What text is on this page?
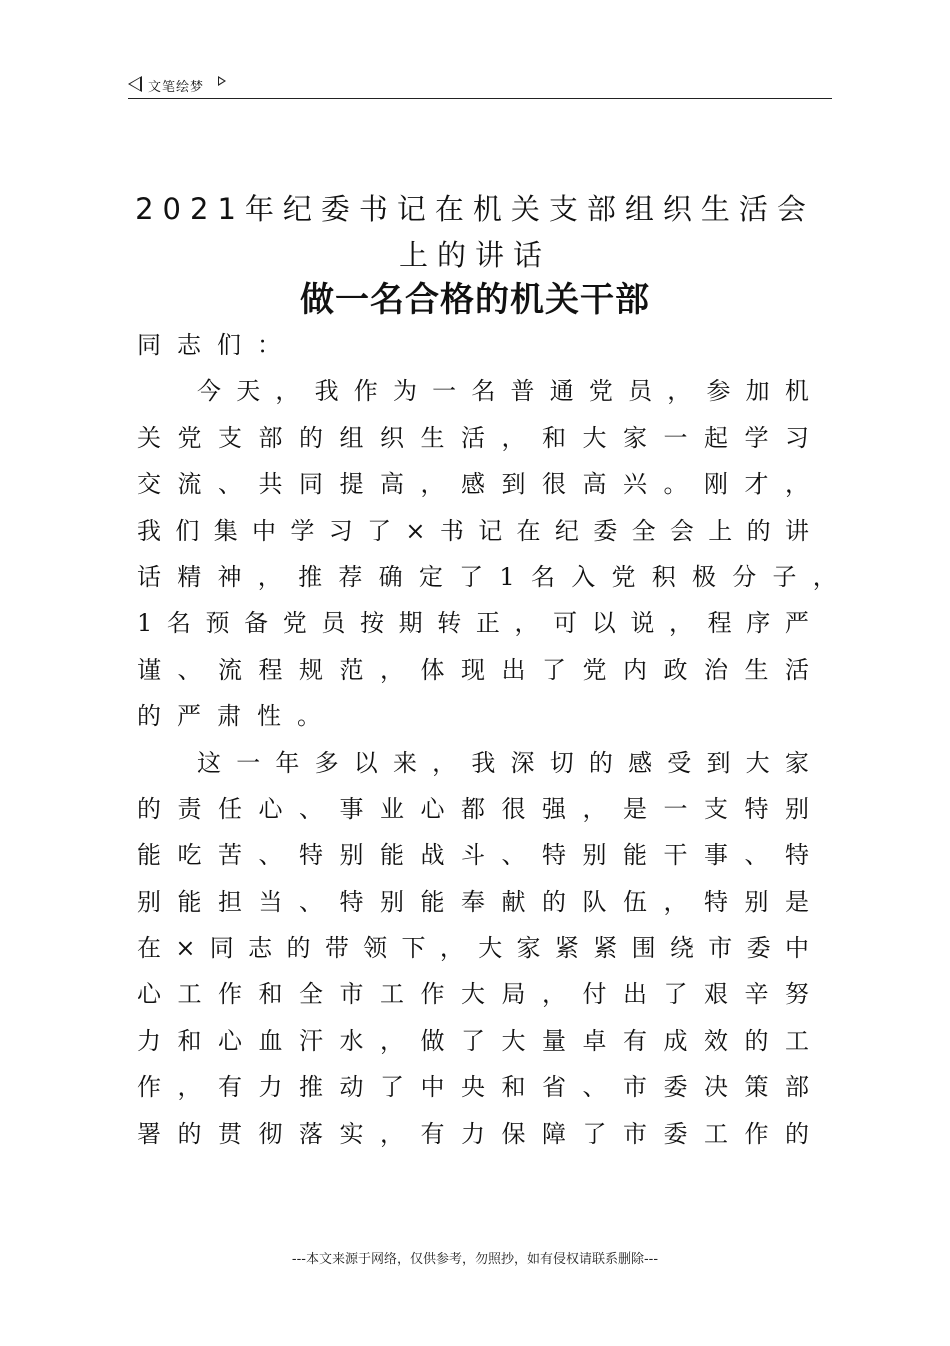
文笔绘梦
2021年纪委书记在机关支部组织生活会
上的讲话
做一名合格的机关干部
同志们：
今 天 ， 我 作 为 一 名 普 通 党 员 ， 参 加 机
关 党 支 部 的 组 织 生 活 ， 和 大 家 一 起 学 习
交 流 、 共 同 提 高 ， 感 到 很 高 兴 。 刚 才 ，
我 们 集 中 学 习 了 × 书 记 在 纪 委 全 会 上 的 讲
话 精 神 ， 推 荐 确 定 了 1 名 入 党 积 极 分 子 ，
1 名 预 备 党 员 按 期 转 正 ， 可 以 说 ， 程 序 严
谨 、 流 程 规 范 ， 体 现 出 了 党 内 政 治 生 活
的严肃性。
这 一 年 多 以 来 ， 我 深 切 的 感 受 到 大 家
的 责 任 心 、 事 业 心 都 很 强 ， 是 一 支 特 别
能 吃 苦 、 特 别 能 战 斗 、 特 别 能 干 事 、 特
别 能 担 当 、 特 别 能 奉 献 的 队 伍 ， 特 别 是
在 × 同 志 的 带 领 下 ， 大 家 紧 紧 围 绕 市 委 中
心 工 作 和 全 市 工 作 大 局 ， 付 出 了 艰 辛 努
力 和 心 血 汗 水 ， 做 了 大 量 卓 有 成 效 的 工
作 ， 有 力 推 动 了 中 央 和 省 、 市 委 决 策 部
署 的 贯 彻 落 实 ， 有 力 保 障 了 市 委 工 作 的
---本文来源于网络，仅供参考，勿照抄，如有侵权请联系删除---
